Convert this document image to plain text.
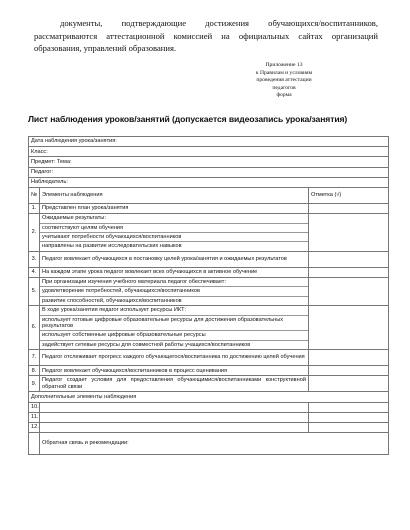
документы, подтверждающие достижения обучающихся/воспитанников, рассматриваются аттестационной комиссией на официальных сайтах организаций образования, управлений образования.

Приложение 13
к Правилам и условиям
проведения аттестации
педагогов
форма
Лист наблюдения уроков/занятий (допускается видеозапись урока/занятия)
Дата наблюдения урока/занятия:		
Класс:		
Предмет: Тема:		
Педагог:		
Наблюдатель:		
№	Элементы наблюдения	Отметка (√)
1.	Представлен план урока/занятия	
2.	Ожидаемые результаты:
соответствуют целям обучения
учитывают потребности обучающихся/воспитанников
направлены на развитие исследовательских навыков	

3.	Педагог вовлекает обучающихся в постановку целей урока/занятия и ожидаемых результатов	
4.	На каждом этапе урока педагог вовлекает всех обучающихся в активное обучение	
5.	При организации изучения учебного материала педагог обеспечивает:
удовлетворение потребностей, обучающихся/воспитанников
развитие способностей, обучающихся/воспитанников	

6.	В ходе урока/занятия педагог использует ресурсы ИКТ:
использует готовые цифровые образовательные ресурсы для достижения образовательных результатов
использует собственные цифровые образовательные ресурсы
задействует сетевые ресурсы для совместной работы учащихся/воспитанников	

7.	Педагог отслеживает прогресс каждого обучающегося/воспитанника по достижению целей обучения	
8.	Педагог вовлекает обучающихся/воспитанников в процесс оценивания	
9.	Педагог создает условия для предоставления обучающимися/воспитанниками конструктивной обратной связи	
Дополнительные элементы наблюдения		
10.		
11.		
12.		
	Обратная связь и рекомендации:	
